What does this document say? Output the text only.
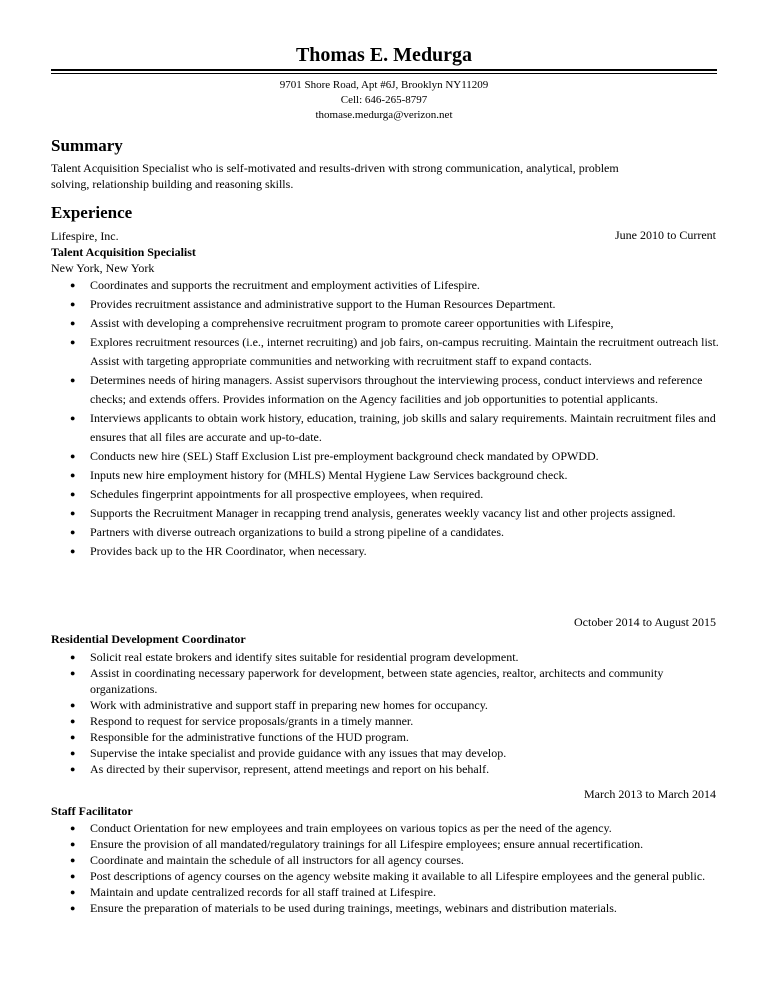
Thomas E. Medurga
9701 Shore Road, Apt #6J, Brooklyn NY11209
Cell: 646-265-8797
thomase.medurga@verizon.net
Summary
Talent Acquisition Specialist who is self-motivated and results-driven with strong communication, analytical, problem
solving, relationship building and reasoning skills.
Experience
Lifespire, Inc.	June 2010 to Current
Talent Acquisition Specialist
New York, New York
● Coordinates and supports the recruitment and employment activities of Lifespire.
● Provides recruitment assistance and administrative support to the Human Resources Department.
● Assist with developing a comprehensive recruitment program to promote career opportunities with Lifespire,
● Explores recruitment resources (i.e., internet recruiting) and job fairs, on-campus recruiting. Maintain the recruitment outreach list. Assist with targeting appropriate communities and networking with recruitment staff to expand contacts.
● Determines needs of hiring managers. Assist supervisors throughout the interviewing process, conduct interviews and reference checks; and extends offers. Provides information on the Agency facilities and job opportunities to potential applicants.
● Interviews applicants to obtain work history, education, training, job skills and salary requirements. Maintain recruitment files and ensures that all files are accurate and up-to-date.
● Conducts new hire (SEL) Staff Exclusion List pre-employment background check mandated by OPWDD.
● Inputs new hire employment history for (MHLS) Mental Hygiene Law Services background check.
● Schedules fingerprint appointments for all prospective employees, when required.
● Supports the Recruitment Manager in recapping trend analysis, generates weekly vacancy list and other projects assigned.
● Partners with diverse outreach organizations to build a strong pipeline of a candidates.
● Provides back up to the HR Coordinator, when necessary.
October 2014 to August 2015
Residential Development Coordinator
● Solicit real estate brokers and identify sites suitable for residential program development.
● Assist in coordinating necessary paperwork for development, between state agencies, realtor, architects and community organizations.
● Work with administrative and support staff in preparing new homes for occupancy.
● Respond to request for service proposals/grants in a timely manner.
● Responsible for the administrative functions of the HUD program.
● Supervise the intake specialist and provide guidance with any issues that may develop.
● As directed by their supervisor, represent, attend meetings and report on his behalf.
March 2013 to March 2014
Staff Facilitator
● Conduct Orientation for new employees and train employees on various topics as per the need of the agency.
● Ensure the provision of all mandated/regulatory trainings for all Lifespire employees; ensure annual recertification.
● Coordinate and maintain the schedule of all instructors for all agency courses.
● Post descriptions of agency courses on the agency website making it available to all Lifespire employees and the general public.
● Maintain and update centralized records for all staff trained at Lifespire.
● Ensure the preparation of materials to be used during trainings, meetings, webinars and distribution materials.
